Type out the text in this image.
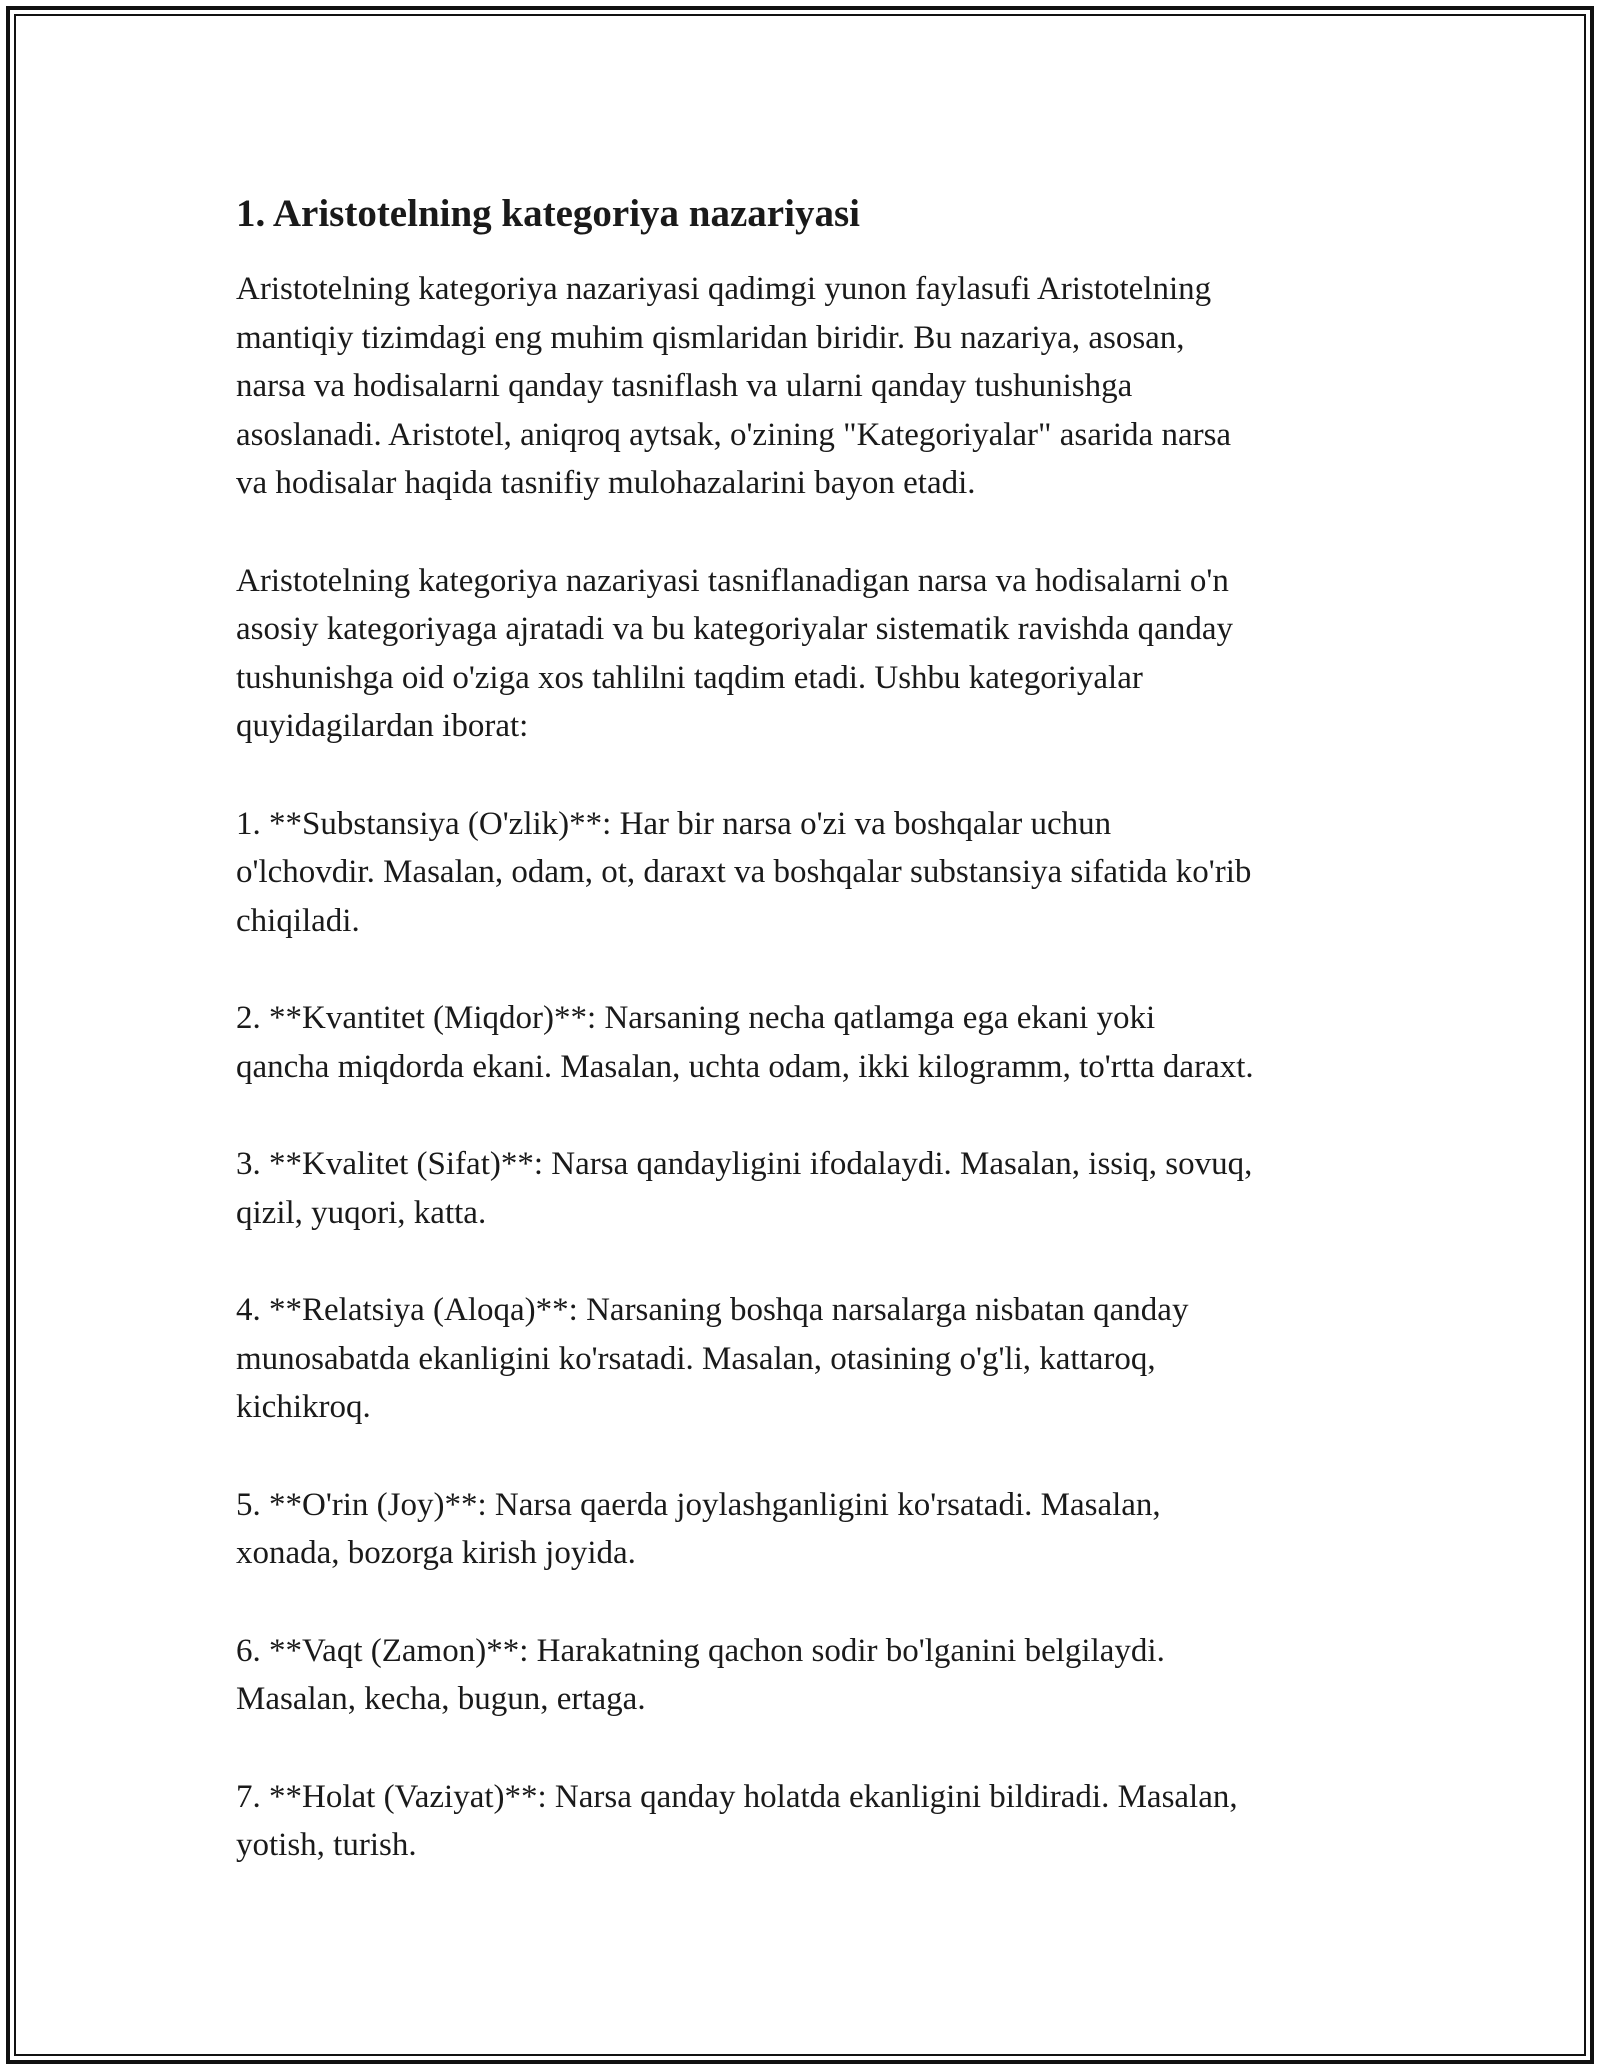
1. Aristotelning kategoriya nazariyasi

Aristotelning kategoriya nazariyasi qadimgi yunon faylasufi Aristotelning
mantiqiy tizimdagi eng muhim qismlaridan biridir. Bu nazariya, asosan,
narsa va hodisalarni qanday tasniflash va ularni qanday tushunishga
asoslanadi. Aristotel, aniqroq aytsak, o'zining "Kategoriyalar" asarida narsa
va hodisalar haqida tasnifiy mulohazalarini bayon etadi.

Aristotelning kategoriya nazariyasi tasniflanadigan narsa va hodisalarni o'n
asosiy kategoriyaga ajratadi va bu kategoriyalar sistematik ravishda qanday
tushunishga oid o'ziga xos tahlilni taqdim etadi. Ushbu kategoriyalar
quyidagilardan iborat:

1. **Substansiya (O'zlik)**: Har bir narsa o'zi va boshqalar uchun
o'lchovdir. Masalan, odam, ot, daraxt va boshqalar substansiya sifatida ko'rib
chiqiladi.

2. **Kvantitet (Miqdor)**: Narsaning necha qatlamga ega ekani yoki
qancha miqdorda ekani. Masalan, uchta odam, ikki kilogramm, to'rtta daraxt.

3. **Kvalitet (Sifat)**: Narsa qandayligini ifodalaydi. Masalan, issiq, sovuq,
qizil, yuqori, katta.

4. **Relatsiya (Aloqa)**: Narsaning boshqa narsalarga nisbatan qanday
munosabatda ekanligini ko'rsatadi. Masalan, otasining o'g'li, kattaroq,
kichikroq.

5. **O'rin (Joy)**: Narsa qaerda joylashganligini ko'rsatadi. Masalan,
xonada, bozorga kirish joyida.

6. **Vaqt (Zamon)**: Harakatning qachon sodir bo'lganini belgilaydi.
Masalan, kecha, bugun, ertaga.

7. **Holat (Vaziyat)**: Narsa qanday holatda ekanligini bildiradi. Masalan,
yotish, turish.
